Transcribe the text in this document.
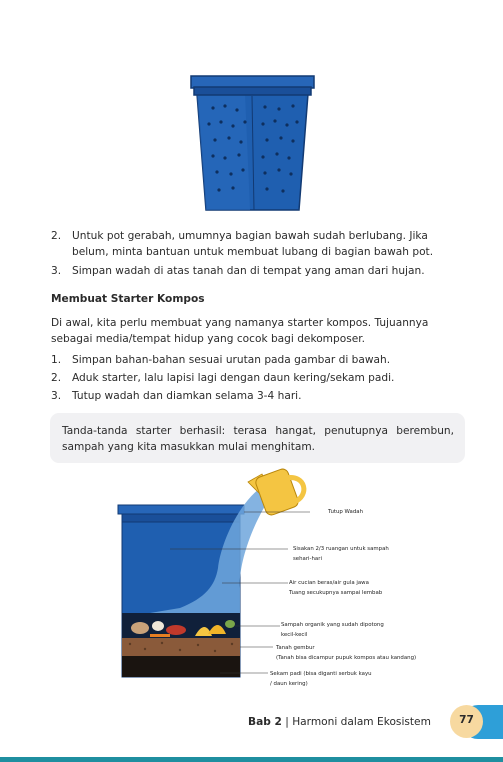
2. Untuk pot gerabah, umumnya bagian bawah sudah berlubang. Jika belum, minta bantuan untuk membuat lubang di bagian bawah pot.
3. Simpan wadah di atas tanah dan di tempat yang aman dari hujan.
Membuat Starter Kompos
Di awal, kita perlu membuat yang namanya starter kompos. Tujuannya sebagai media/tempat hidup yang cocok bagi dekomposer.
1. Simpan bahan-bahan sesuai urutan pada gambar di bawah.
2. Aduk starter, lalu lapisi lagi dengan daun kering/sekam padi.
3. Tutup wadah dan diamkan selama 3-4 hari.
Tanda-tanda starter berhasil: terasa hangat, penutupnya berembun, sampah yang kita masukkan mulai menghitam.
Tutup Wadah
Sisakan 2/3 ruangan untuk sampah
sehari-hari
Air cucian beras/air gula jawa
Tuang secukupnya sampai lembab
Sampah organik yang sudah dipotong
kecil-kecil
Tanah gembur
(Tanah bisa dicampur pupuk kompos atau kandang)
Sekam padi (bisa diganti serbuk kayu
/ daun kering)
Bab 2 | Harmoni dalam Ekosistem	77
